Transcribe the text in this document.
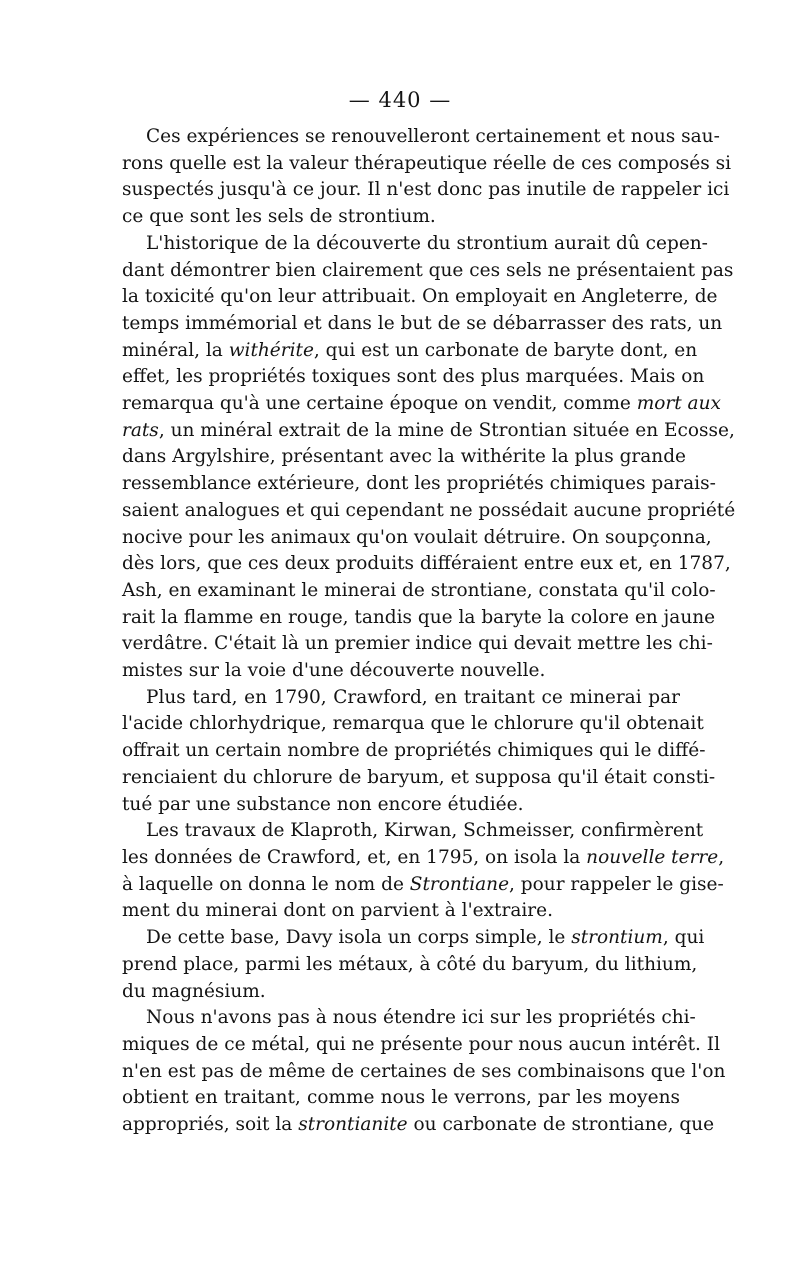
— 440 —
Ces expériences se renouvelleront certainement et nous sau-
rons quelle est la valeur thérapeutique réelle de ces composés si
suspectés jusqu'à ce jour. Il n'est donc pas inutile de rappeler ici
ce que sont les sels de strontium.
L'historique de la découverte du strontium aurait dû cepen-
dant démontrer bien clairement que ces sels ne présentaient pas
la toxicité qu'on leur attribuait. On employait en Angleterre, de
temps immémorial et dans le but de se débarrasser des rats, un
minéral, la withérite, qui est un carbonate de baryte dont, en
effet, les propriétés toxiques sont des plus marquées. Mais on
remarqua qu'à une certaine époque on vendit, comme mort aux
rats, un minéral extrait de la mine de Strontian située en Ecosse,
dans Argylshire, présentant avec la withérite la plus grande
ressemblance extérieure, dont les propriétés chimiques parais-
saient analogues et qui cependant ne possédait aucune propriété
nocive pour les animaux qu'on voulait détruire. On soupçonna,
dès lors, que ces deux produits différaient entre eux et, en 1787,
Ash, en examinant le minerai de strontiane, constata qu'il colo-
rait la flamme en rouge, tandis que la baryte la colore en jaune
verdâtre. C'était là un premier indice qui devait mettre les chi-
mistes sur la voie d'une découverte nouvelle.
Plus tard, en 1790, Crawford, en traitant ce minerai par
l'acide chlorhydrique, remarqua que le chlorure qu'il obtenait
offrait un certain nombre de propriétés chimiques qui le diffé-
renciaient du chlorure de baryum, et supposa qu'il était consti-
tué par une substance non encore étudiée.
Les travaux de Klaproth, Kirwan, Schmeisser, confirmèrent
les données de Crawford, et, en 1795, on isola la nouvelle terre,
à laquelle on donna le nom de Strontiane, pour rappeler le gise-
ment du minerai dont on parvient à l'extraire.
De cette base, Davy isola un corps simple, le strontium, qui
prend place, parmi les métaux, à côté du baryum, du lithium,
du magnésium.
Nous n'avons pas à nous étendre ici sur les propriétés chi-
miques de ce métal, qui ne présente pour nous aucun intérêt. Il
n'en est pas de même de certaines de ses combinaisons que l'on
obtient en traitant, comme nous le verrons, par les moyens
appropriés, soit la strontianite ou carbonate de strontiane, que
